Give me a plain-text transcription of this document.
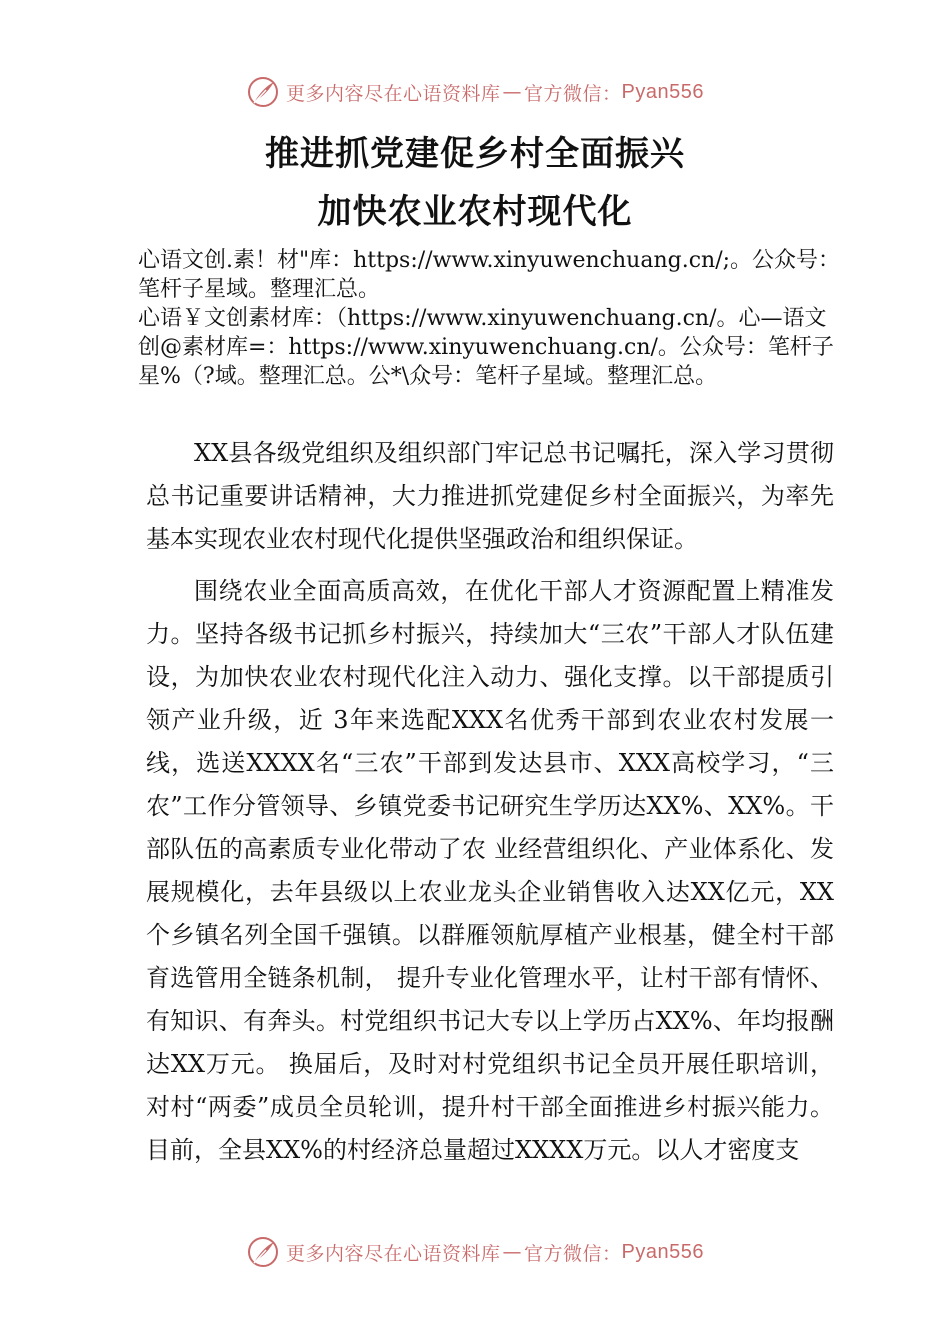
更多内容尽在心语资料库 — 官方微信： Pyan556
推进抓党建促乡村全面振兴
加快农业农村现代化

心语文创.素！材"库：https://www.xinyuwenchuang.cn/;。公众号：笔杆子星域。整理汇总。

心语￥文创素材库：（https://www.xinyuwenchuang.cn/。心—语文创@素材库=：https://www.xinyuwenchuang.cn/。公众号：笔杆子星%（?域。整理汇总。公*\众号：笔杆子星域。整理汇总。

XX县各级党组织及组织部门牢记总书记嘱托，深入学习贯彻总书记重要讲话精神，大力推进抓党建促乡村全面振兴，为率先基本实现农业农村现代化提供坚强政治和组织保证。

围绕农业全面高质高效，在优化干部人才资源配置上精准发力。坚持各级书记抓乡村振兴，持续加大“三农”干部人才队伍建设，为加快农业农村现代化注入动力、强化支撑。以干部提质引领产业升级，近 3年来选配XXX名优秀干部到农业农村发展一线，选送XXXX名“三农”干部到发达县市、XXX高校学习，“三农”工作分管领导、乡镇党委书记研究生学历达XX%、XX%。干部队伍的高素质专业化带动了农 业经营组织化、产业体系化、发展规模化，去年县级以上农业龙头企业销售收入达XX亿元，XX个乡镇名列全国千强镇。以群雁领航厚植产业根基，健全村干部育选管用全链条机制， 提升专业化管理水平，让村干部有情怀、有知识、有奔头。村党组织书记大专以上学历占XX%、年均报酬达XX万元。 换届后，及时对村党组织书记全员开展任职培训，对村“两委”成员全员轮训，提升村干部全面推进乡村振兴能力。目前，全县XX%的村经济总量超过XXXX万元。以人才密度支

更多内容尽在心语资料库 — 官方微信： Pyan556
